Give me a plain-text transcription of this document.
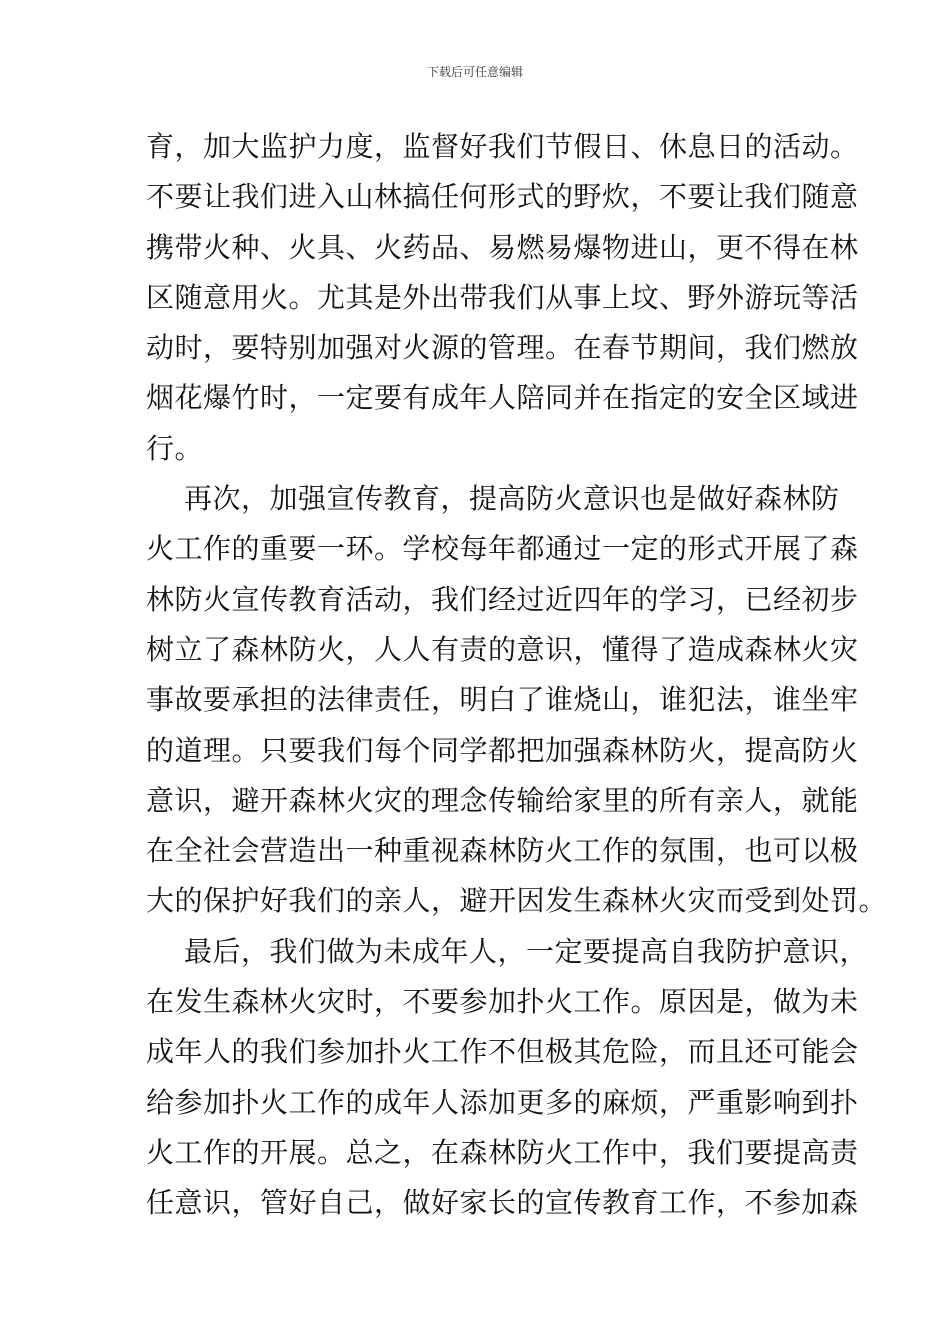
下载后可任意编辑
育，加大监护力度，监督好我们节假日、休息日的活动。
不要让我们进入山林搞任何形式的野炊，不要让我们随意
携带火种、火具、火药品、易燃易爆物进山，更不得在林
区随意用火。尤其是外出带我们从事上坟、野外游玩等活
动时，要特别加强对火源的管理。在春节期间，我们燃放
烟花爆竹时，一定要有成年人陪同并在指定的安全区域进
行。
再次，加强宣传教育，提高防火意识也是做好森林防
火工作的重要一环。学校每年都通过一定的形式开展了森
林防火宣传教育活动，我们经过近四年的学习，已经初步
树立了森林防火，人人有责的意识，懂得了造成森林火灾
事故要承担的法律责任，明白了谁烧山，谁犯法，谁坐牢
的道理。只要我们每个同学都把加强森林防火，提高防火
意识，避开森林火灾的理念传输给家里的所有亲人，就能
在全社会营造出一种重视森林防火工作的氛围，也可以极
大的保护好我们的亲人，避开因发生森林火灾而受到处罚。
最后，我们做为未成年人，一定要提高自我防护意识，
在发生森林火灾时，不要参加扑火工作。原因是，做为未
成年人的我们参加扑火工作不但极其危险，而且还可能会
给参加扑火工作的成年人添加更多的麻烦，严重影响到扑
火工作的开展。总之，在森林防火工作中，我们要提高责
任意识，管好自己，做好家长的宣传教育工作，不参加森
